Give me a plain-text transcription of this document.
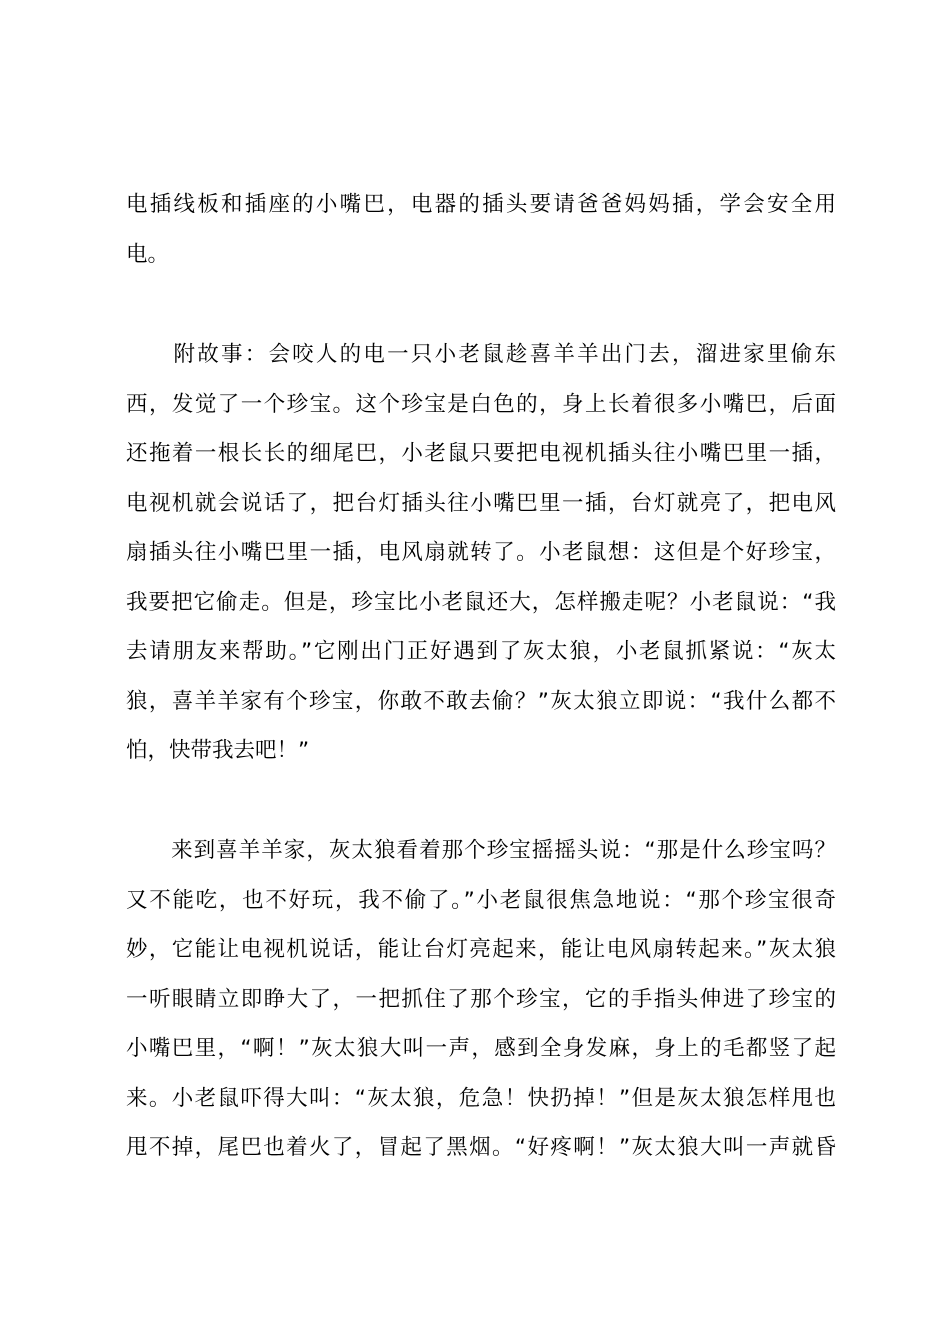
电插线板和插座的小嘴巴，电器的插头要请爸爸妈妈插，学会安全用
电。
　　附故事：会咬人的电一只小老鼠趁喜羊羊出门去，溜进家里偷东
西，发觉了一个珍宝。这个珍宝是白色的，身上长着很多小嘴巴，后面
还拖着一根长长的细尾巴，小老鼠只要把电视机插头往小嘴巴里一插，
电视机就会说话了，把台灯插头往小嘴巴里一插，台灯就亮了，把电风
扇插头往小嘴巴里一插，电风扇就转了。小老鼠想：这但是个好珍宝，
我要把它偷走。但是，珍宝比小老鼠还大，怎样搬走呢？小老鼠说：“我
去请朋友来帮助。”它刚出门正好遇到了灰太狼，小老鼠抓紧说：“灰太
狼，喜羊羊家有个珍宝，你敢不敢去偷？”灰太狼立即说：“我什么都不
怕，快带我去吧！”
　　来到喜羊羊家，灰太狼看着那个珍宝摇摇头说：“那是什么珍宝吗？
又不能吃，也不好玩，我不偷了。”小老鼠很焦急地说：“那个珍宝很奇
妙，它能让电视机说话，能让台灯亮起来，能让电风扇转起来。”灰太狼
一听眼睛立即睁大了，一把抓住了那个珍宝，它的手指头伸进了珍宝的
小嘴巴里，“啊！”灰太狼大叫一声，感到全身发麻，身上的毛都竖了起
来。小老鼠吓得大叫：“灰太狼，危急！快扔掉！”但是灰太狼怎样甩也
甩不掉，尾巴也着火了，冒起了黑烟。“好疼啊！”灰太狼大叫一声就昏
